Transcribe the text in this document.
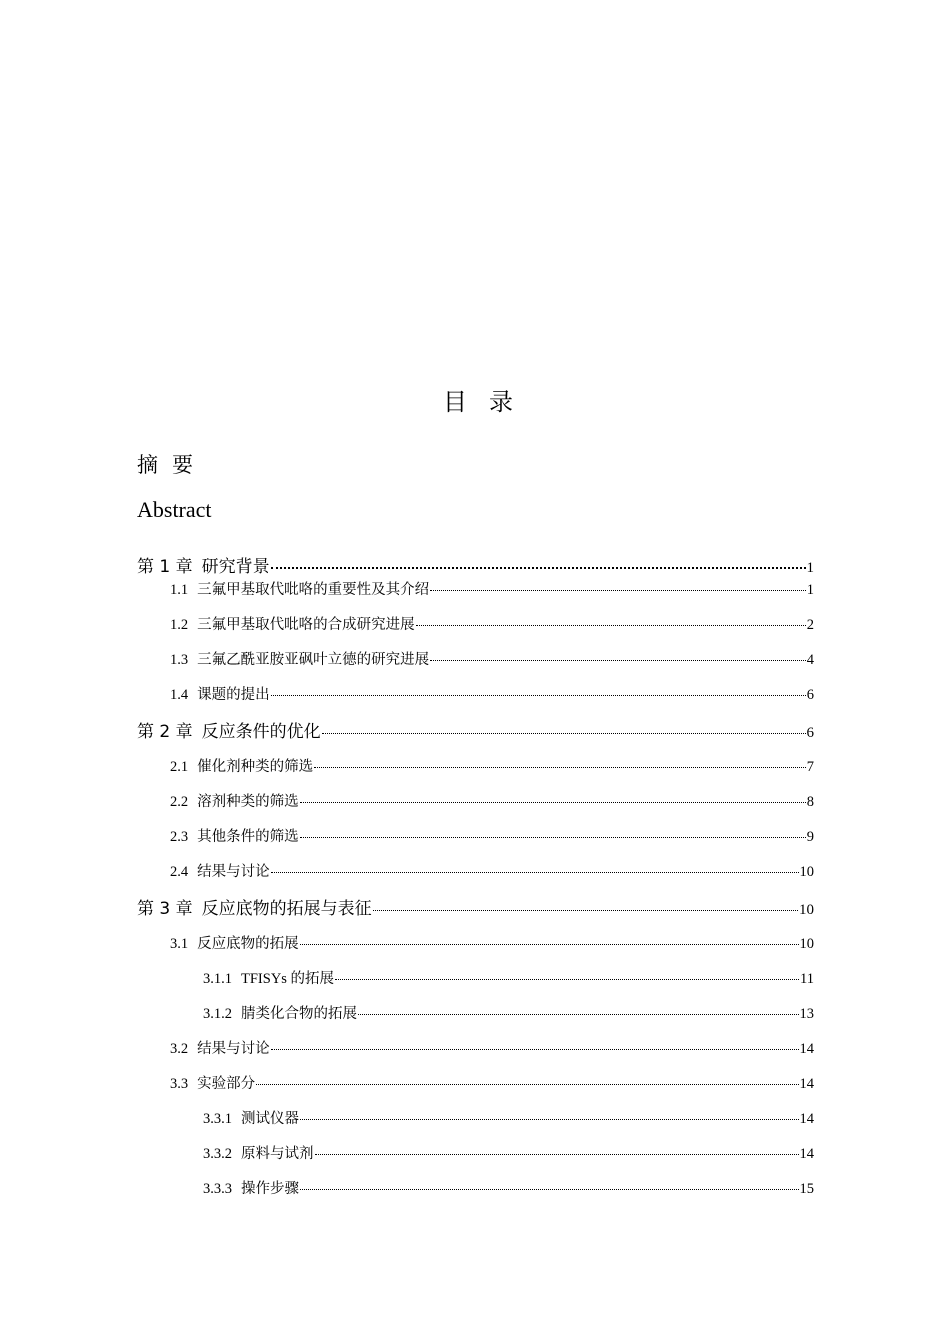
目录
摘要
Abstract
第 1 章 研究背景	1
1.1 三氟甲基取代吡咯的重要性及其介绍	1
1.2 三氟甲基取代吡咯的合成研究进展	2
1.3 三氟乙酰亚胺亚砜叶立德的研究进展	4
1.4 课题的提出	6
第 2 章 反应条件的优化	6
2.1 催化剂种类的筛选	7
2.2 溶剂种类的筛选	8
2.3 其他条件的筛选	9
2.4 结果与讨论	10
第 3 章 反应底物的拓展与表征	10
3.1 反应底物的拓展	10
3.1.1 TFISYs 的拓展	11
3.1.2 腈类化合物的拓展	13
3.2 结果与讨论	14
3.3 实验部分	14
3.3.1 测试仪器	14
3.3.2 原料与试剂	14
3.3.3 操作步骤	15
